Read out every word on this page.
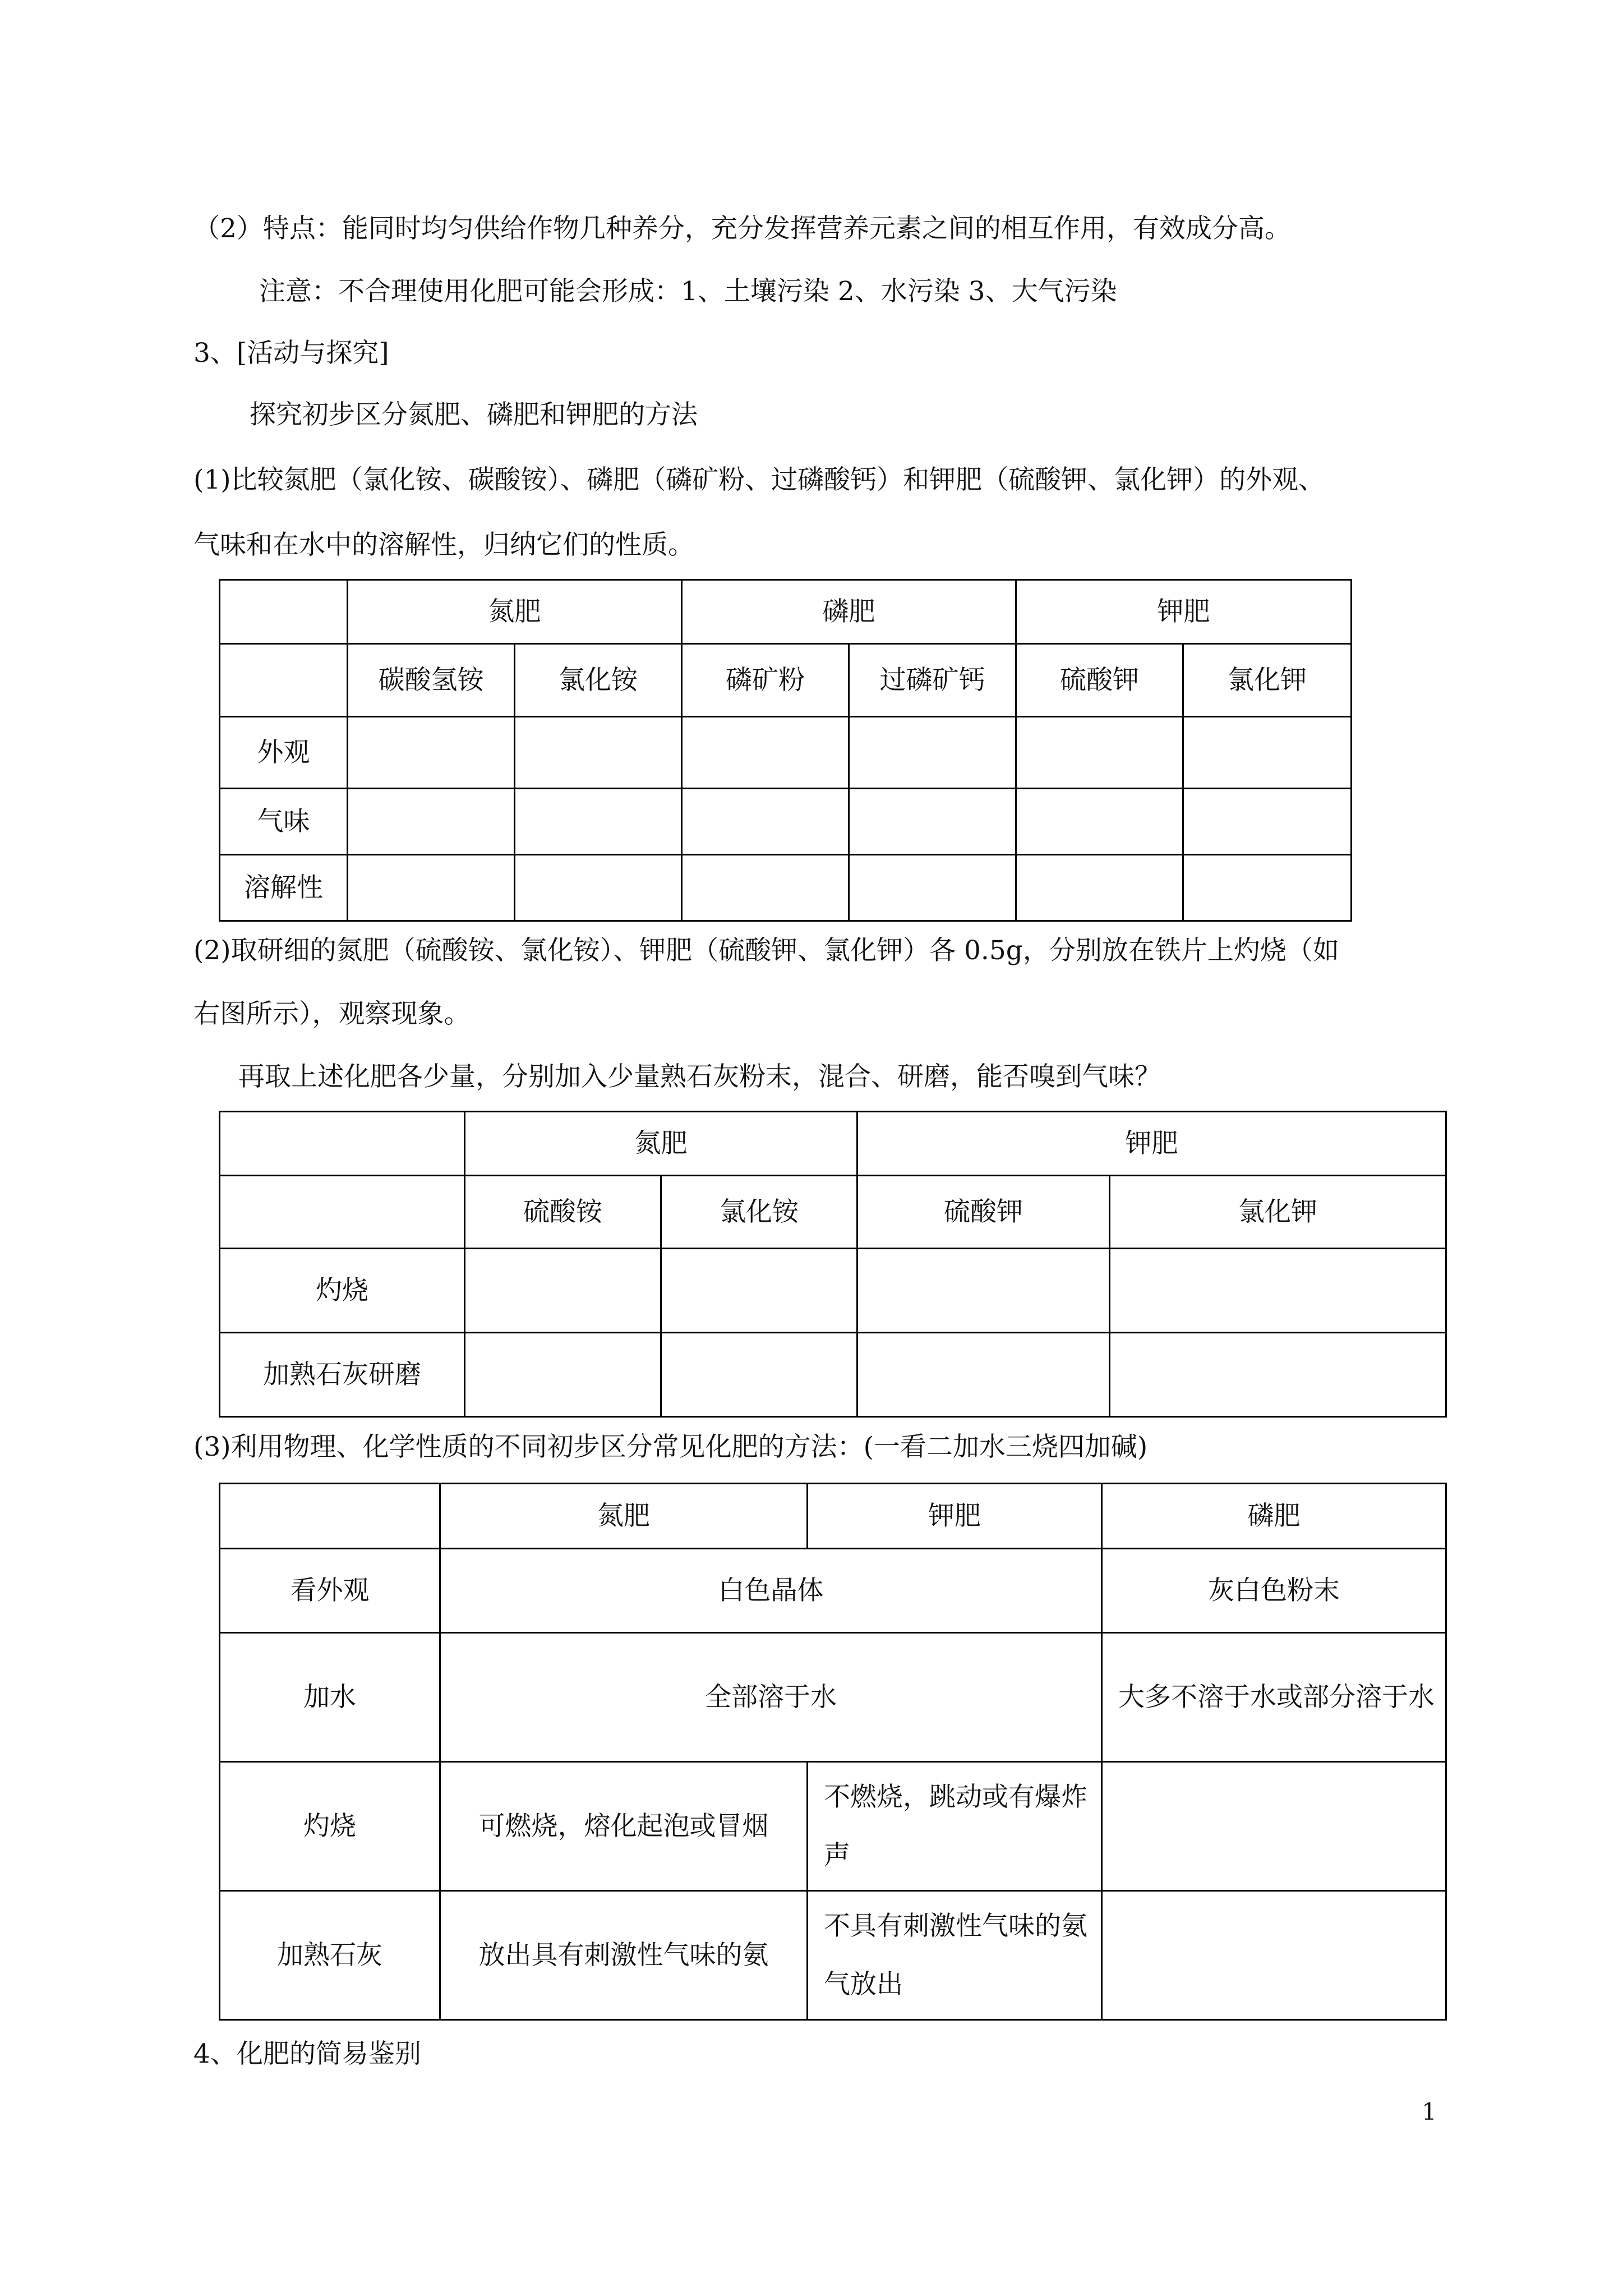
（2）特点：能同时均匀供给作物几种养分，充分发挥营养元素之间的相互作用，有效成分高。
注意：不合理使用化肥可能会形成：1、土壤污染 2、水污染 3、大气污染
3、[活动与探究]
探究初步区分氮肥、磷肥和钾肥的方法
(1)比较氮肥（氯化铵、碳酸铵）、磷肥（磷矿粉、过磷酸钙）和钾肥（硫酸钾、氯化钾）的外观、
气味和在水中的溶解性，归纳它们的性质。
	氮肥		磷肥		钾肥	
	碳酸氢铵	氯化铵	磷矿粉	过磷矿钙	硫酸钾	氯化钾
外观						
气味						
溶解性						
(2)取研细的氮肥（硫酸铵、氯化铵）、钾肥（硫酸钾、氯化钾）各 0.5g，分别放在铁片上灼烧（如
右图所示），观察现象。
再取上述化肥各少量，分别加入少量熟石灰粉末，混合、研磨，能否嗅到气味？
	氮肥		钾肥	
	硫酸铵	氯化铵	硫酸钾	氯化钾
灼烧				
加熟石灰研磨				
(3)利用物理、化学性质的不同初步区分常见化肥的方法：(一看二加水三烧四加碱)
	氮肥	钾肥	磷肥
看外观	白色晶体		灰白色粉末
加水	全部溶于水		大多不溶于水或部分溶于水
灼烧	可燃烧，熔化起泡或冒烟	不燃烧，跳动或有爆炸声	
加熟石灰	放出具有刺激性气味的氨	不具有刺激性气味的氨气放出	
4、化肥的简易鉴别
1
